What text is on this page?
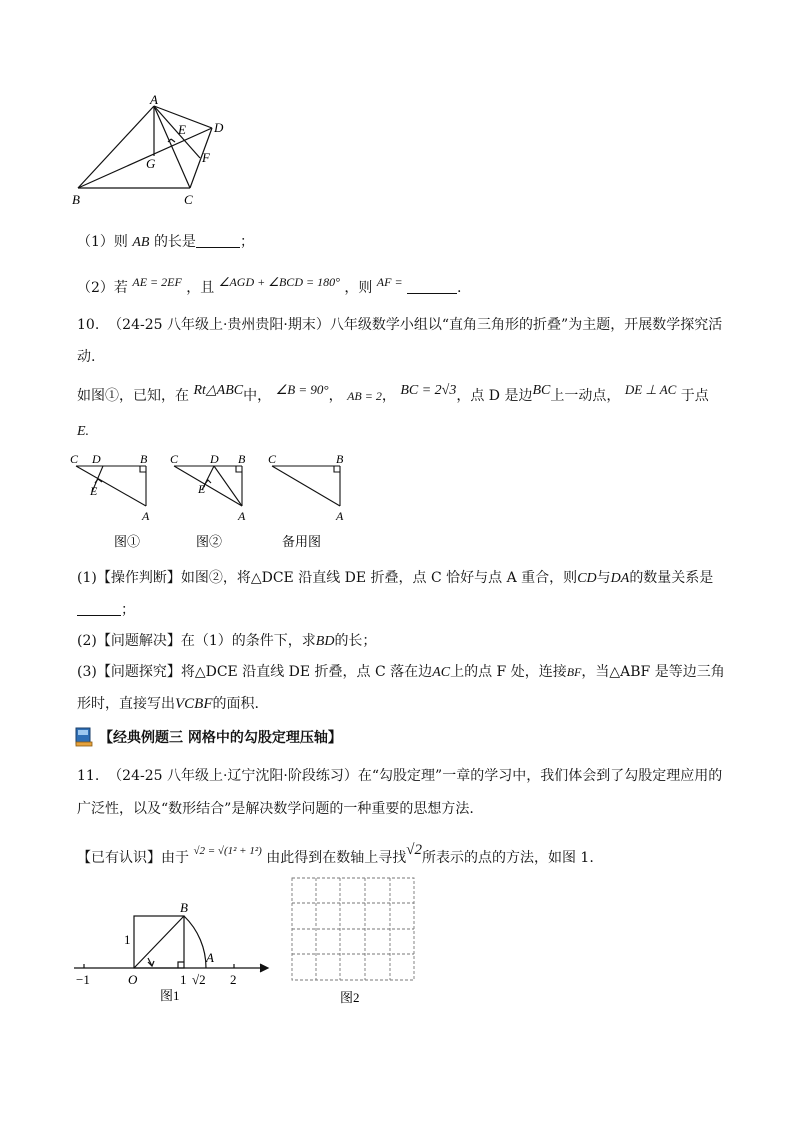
A
B	C
D
E
F
G
（1）则 AB 的长是	；
（2）若 AE = 2EF ，且 ∠AGD + ∠BCD = 180° ，则 AF =	.
10. （24-25 八年级上·贵州贵阳·期末）八年级数学小组以“直角三角形的折叠”为主题，开展数学探究活
动.
如图①，已知，在 Rt△ABC中， ∠B = 90°， AB = 2， BC = 2√3，点 D 是边BC上一动点， DE ⊥ AC 于点
E.
C D	B
E
A
C	D B
E
A
C	B
A
图①	图②	备用图
(1)【操作判断】如图②，将△DCE 沿直线 DE 折叠，点 C 恰好与点 A 重合，则CD与DA的数量关系是
；
(2)【问题解决】在（1）的条件下，求BD的长；
(3)【问题探究】将△DCE 沿直线 DE 折叠，点 C 落在边AC上的点 F 处，连接BF，当△ABF 是等边三角
形时，直接写出VCBF的面积.
【经典例题三 网格中的勾股定理压轴】
11. （24-25 八年级上·辽宁沈阳·阶段练习）在“勾股定理”一章的学习中，我们体会到了勾股定理应用的
广泛性，以及“数形结合”是解决数学问题的一种重要的思想方法.
【已有认识】由于 $^{√2 = √(1^2 + 1^2)}$ 由此得到在数轴上寻找√2所表示的点的方法，如图 1.
−1	O	1 √2 2
B
A
1
图1	图2
